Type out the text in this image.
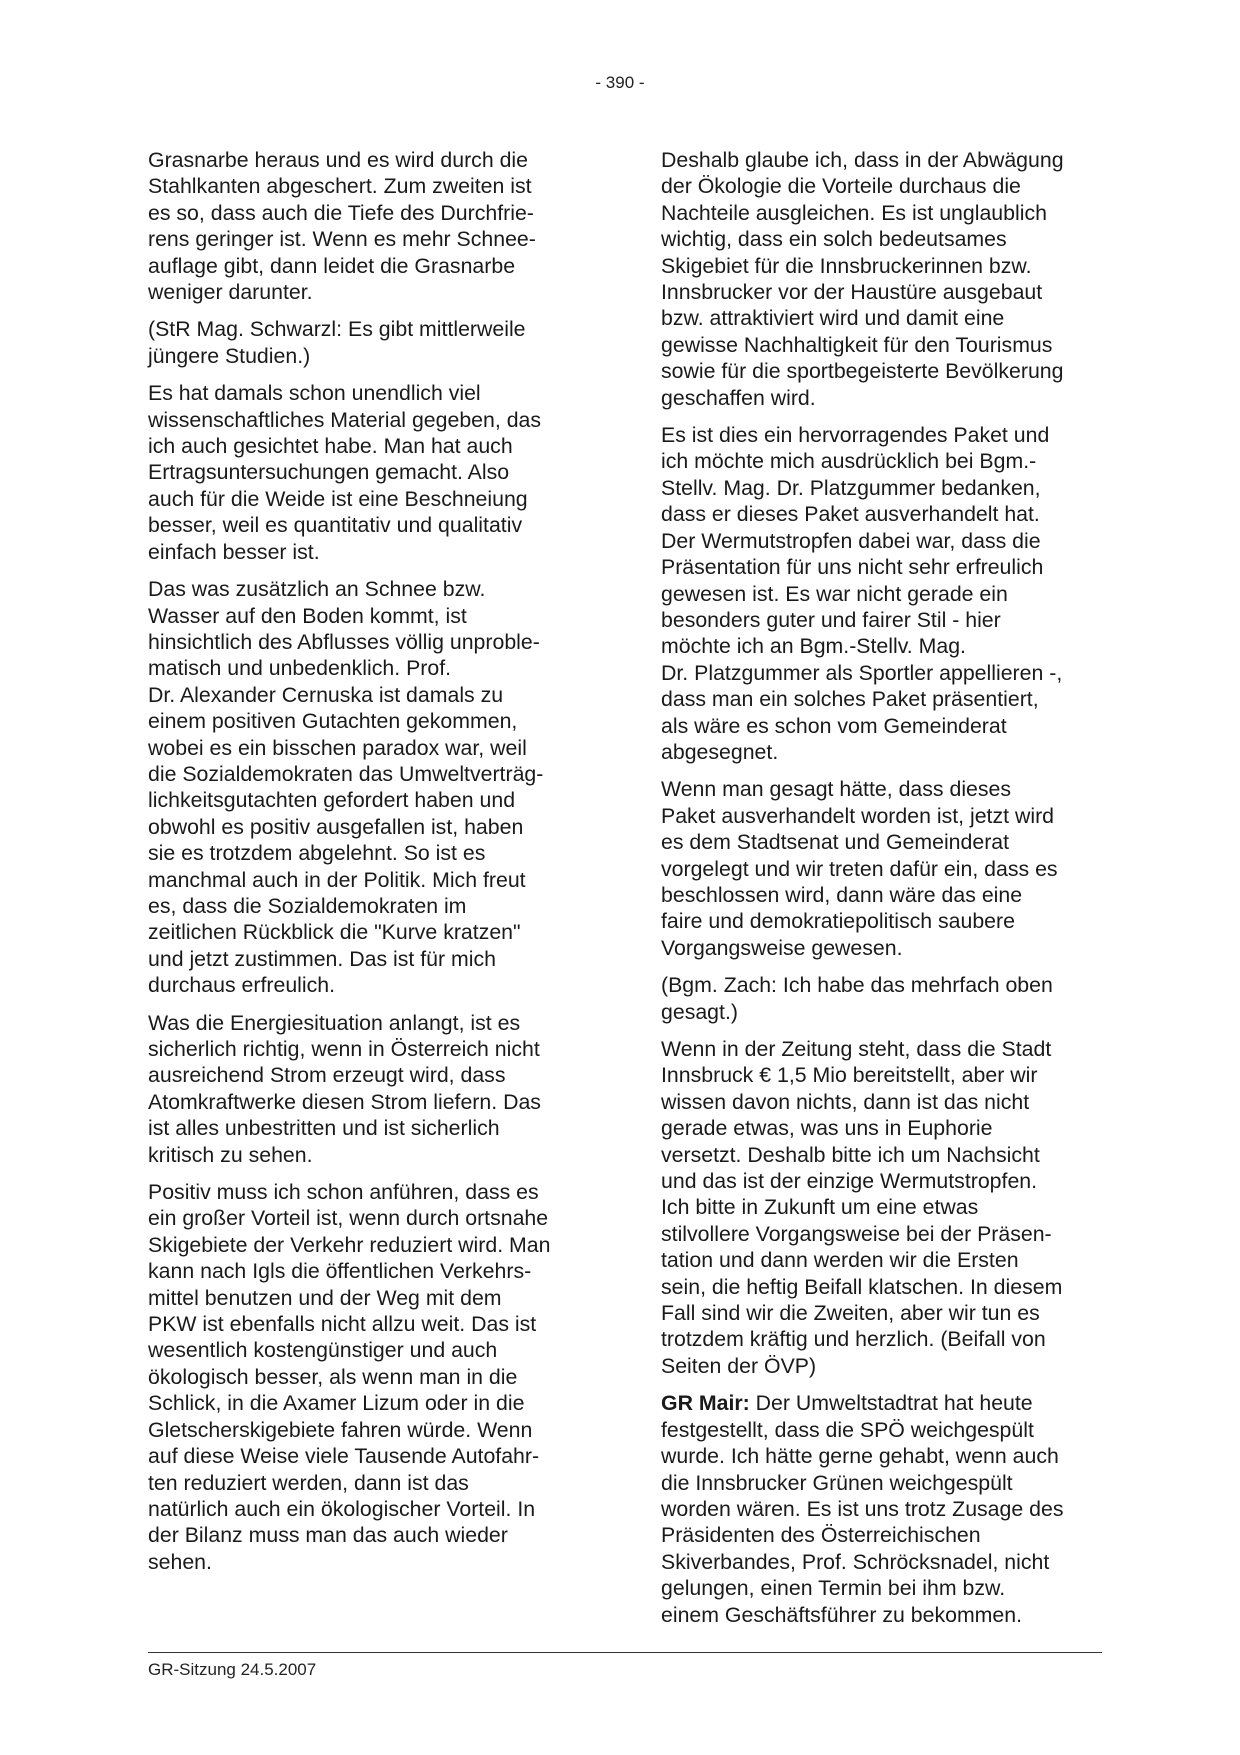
- 390 -

Grasnarbe heraus und es wird durch die
Stahlkanten abgeschert. Zum zweiten ist
es so, dass auch die Tiefe des Durchfrie-
rens geringer ist. Wenn es mehr Schnee-
auflage gibt, dann leidet die Grasnarbe
weniger darunter.

(StR Mag. Schwarzl: Es gibt mittlerweile
jüngere Studien.)

Es hat damals schon unendlich viel
wissenschaftliches Material gegeben, das
ich auch gesichtet habe. Man hat auch
Ertragsuntersuchungen gemacht. Also
auch für die Weide ist eine Beschneiung
besser, weil es quantitativ und qualitativ
einfach besser ist.

Das was zusätzlich an Schnee bzw.
Wasser auf den Boden kommt, ist
hinsichtlich des Abflusses völlig unproble-
matisch und unbedenklich. Prof.
Dr. Alexander Cernuska ist damals zu
einem positiven Gutachten gekommen,
wobei es ein bisschen paradox war, weil
die Sozialdemokraten das Umweltverträg-
lichkeitsgutachten gefordert haben und
obwohl es positiv ausgefallen ist, haben
sie es trotzdem abgelehnt. So ist es
manchmal auch in der Politik. Mich freut
es, dass die Sozialdemokraten im
zeitlichen Rückblick die "Kurve kratzen"
und jetzt zustimmen. Das ist für mich
durchaus erfreulich.

Was die Energiesituation anlangt, ist es
sicherlich richtig, wenn in Österreich nicht
ausreichend Strom erzeugt wird, dass
Atomkraftwerke diesen Strom liefern. Das
ist alles unbestritten und ist sicherlich
kritisch zu sehen.

Positiv muss ich schon anführen, dass es
ein großer Vorteil ist, wenn durch ortsnahe
Skigebiete der Verkehr reduziert wird. Man
kann nach Igls die öffentlichen Verkehrs-
mittel benutzen und der Weg mit dem
PKW ist ebenfalls nicht allzu weit. Das ist
wesentlich kostengünstiger und auch
ökologisch besser, als wenn man in die
Schlick, in die Axamer Lizum oder in die
Gletscherskigebiete fahren würde. Wenn
auf diese Weise viele Tausende Autofahr-
ten reduziert werden, dann ist das
natürlich auch ein ökologischer Vorteil. In
der Bilanz muss man das auch wieder
sehen.

Deshalb glaube ich, dass in der Abwägung
der Ökologie die Vorteile durchaus die
Nachteile ausgleichen. Es ist unglaublich
wichtig, dass ein solch bedeutsames
Skigebiet für die Innsbruckerinnen bzw.
Innsbrucker vor der Haustüre ausgebaut
bzw. attraktiviert wird und damit eine
gewisse Nachhaltigkeit für den Tourismus
sowie für die sportbegeisterte Bevölkerung
geschaffen wird.

Es ist dies ein hervorragendes Paket und
ich möchte mich ausdrücklich bei Bgm.-
Stellv. Mag. Dr. Platzgummer bedanken,
dass er dieses Paket ausverhandelt hat.
Der Wermutstropfen dabei war, dass die
Präsentation für uns nicht sehr erfreulich
gewesen ist. Es war nicht gerade ein
besonders guter und fairer Stil - hier
möchte ich an Bgm.-Stellv. Mag.
Dr. Platzgummer als Sportler appellieren -,
dass man ein solches Paket präsentiert,
als wäre es schon vom Gemeinderat
abgesegnet.

Wenn man gesagt hätte, dass dieses
Paket ausverhandelt worden ist, jetzt wird
es dem Stadtsenat und Gemeinderat
vorgelegt und wir treten dafür ein, dass es
beschlossen wird, dann wäre das eine
faire und demokratiepolitisch saubere
Vorgangsweise gewesen.

(Bgm. Zach: Ich habe das mehrfach oben
gesagt.)

Wenn in der Zeitung steht, dass die Stadt
Innsbruck € 1,5 Mio bereitstellt, aber wir
wissen davon nichts, dann ist das nicht
gerade etwas, was uns in Euphorie
versetzt. Deshalb bitte ich um Nachsicht
und das ist der einzige Wermutstropfen.
Ich bitte in Zukunft um eine etwas
stilvollere Vorgangsweise bei der Präsen-
tation und dann werden wir die Ersten
sein, die heftig Beifall klatschen. In diesem
Fall sind wir die Zweiten, aber wir tun es
trotzdem kräftig und herzlich. (Beifall von
Seiten der ÖVP)

GR Mair: Der Umweltstadtrat hat heute
festgestellt, dass die SPÖ weichgespült
wurde. Ich hätte gerne gehabt, wenn auch
die Innsbrucker Grünen weichgespült
worden wären. Es ist uns trotz Zusage des
Präsidenten des Österreichischen
Skiverbandes, Prof. Schröcksnadel, nicht
gelungen, einen Termin bei ihm bzw.
einem Geschäftsführer zu bekommen.

GR-Sitzung 24.5.2007
